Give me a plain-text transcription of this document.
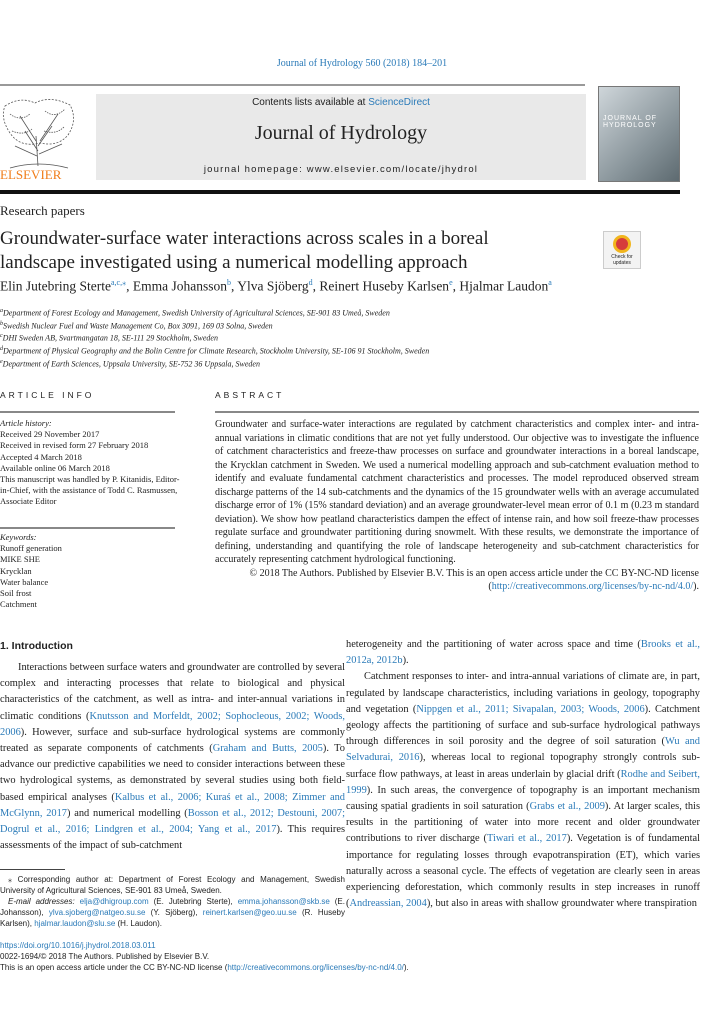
Journal of Hydrology 560 (2018) 184–201
ELSEVIER
Contents lists available at ScienceDirect
Journal of Hydrology
journal homepage: www.elsevier.com/locate/jhydrol
JOURNAL OF HYDROLOGY
Research papers
Groundwater-surface water interactions across scales in a boreal landscape investigated using a numerical modelling approach	Check for updates
Elin Jutebring Sterte$^{a,c,⁎}$, Emma Johansson$^b$, Ylva Sjöberg$^d$, Reinert Huseby Karlsen$^e$, Hjalmar Laudon$^a$
$^a$Department of Forest Ecology and Management, Swedish University of Agricultural Sciences, SE-901 83 Umeå, Sweden
$^b$Swedish Nuclear Fuel and Waste Management Co, Box 3091, 169 03 Solna, Sweden
$^c$DHI Sweden AB, Svartmangatan 18, SE-111 29 Stockholm, Sweden
$^d$Department of Physical Geography and the Bolin Centre for Climate Research, Stockholm University, SE-106 91 Stockholm, Sweden
$^e$Department of Earth Sciences, Uppsala University, SE-752 36 Uppsala, Sweden
ARTICLE INFO	ABSTRACT
Article history:
Received 29 November 2017
Received in revised form 27 February 2018
Accepted 4 March 2018
Available online 06 March 2018
This manuscript was handled by P. Kitanidis, Editor-in-Chief, with the assistance of Todd C. Rasmussen, Associate Editor
Keywords:
Runoff generation
MIKE SHE
Krycklan
Water balance
Soil frost
Catchment
Groundwater and surface-water interactions are regulated by catchment characteristics and complex inter- and intra-annual variations in climatic conditions that are not yet fully understood. Our objective was to investigate the influence of catchment characteristics and freeze-thaw processes on surface and groundwater interactions in a boreal landscape, the Krycklan catchment in Sweden. We used a numerical modelling approach and sub-catchment evaluation method to identify and evaluate fundamental catchment characteristics and processes. The model reproduced observed stream discharge patterns of the 14 sub-catchments and the dynamics of the 15 groundwater wells with an average accumulated discharge error of 1% (15% standard deviation) and an average groundwater-level mean error of 0.1 m (0.23 m standard deviation). We show how peatland characteristics dampen the effect of intense rain, and how soil freeze-thaw processes regulate surface and groundwater partitioning during snowmelt. With these results, we demonstrate the importance of defining, understanding and quantifying the role of landscape heterogeneity and sub-catchment characteristics for accurately representing catchment hydrological functioning.
© 2018 The Authors. Published by Elsevier B.V. This is an open access article under the CC BY-NC-ND license (http://creativecommons.org/licenses/by-nc-nd/4.0/).
1. Introduction

Interactions between surface waters and groundwater are controlled by several complex and interacting processes that relate to biological and physical characteristics of the catchment, as well as intra- and inter-annual variations in climatic conditions (Knutsson and Morfeldt, 2002; Sophocleous, 2002; Woods, 2006). However, surface and sub-surface hydrological systems are commonly treated as separate components of catchments (Graham and Butts, 2005). To advance our predictive capabilities we need to consider interactions between these two hydrological systems, as demonstrated by several studies using both field-based empirical analyses (Kalbus et al., 2006; Kuraś et al., 2008; Zimmer and McGlynn, 2017) and numerical modelling (Bosson et al., 2012; Destouni, 2007; Dogrul et al., 2016; Lindgren et al., 2004; Yang et al., 2017). This requires assessments of the impact of sub-catchment

heterogeneity and the partitioning of water across space and time (Brooks et al., 2012a, 2012b).

Catchment responses to inter- and intra-annual variations of climate are, in part, regulated by landscape characteristics, including variations in geology, topography and vegetation (Nippgen et al., 2011; Sivapalan, 2003; Woods, 2006). Catchment geology affects the partitioning of surface and sub-surface hydrological pathways through differences in soil porosity and the degree of soil saturation (Wu and Selvadurai, 2016), whereas local to regional topography strongly controls sub-surface flow pathways, at least in areas underlain by glacial drift (Rodhe and Seibert, 1999). In such areas, the convergence of topography is an important mechanism causing spatial gradients in soil saturation (Grabs et al., 2009). At larger scales, this results in the partitioning of water into more recent and older groundwater contributions to river discharge (Tiwari et al., 2017). Vegetation is of fundamental importance for regulating losses through evapotranspiration (ET), which varies naturally across a seasonal cycle. The effects of vegetation are clearly seen in areas experiencing deforestation, which commonly results in step increases in runoff (Andreassian, 2004), but also in areas with shallow groundwater where transpiration

⁎ Corresponding author at: Department of Forest Ecology and Management, Swedish University of Agricultural Sciences, SE-901 83 Umeå, Sweden.

E-mail addresses: elja@dhigroup.com (E. Jutebring Sterte), emma.johansson@skb.se (E. Johansson), ylva.sjoberg@natgeo.su.se (Y. Sjöberg), reinert.karlsen@geo.uu.se (R. Huseby Karlsen), hjalmar.laudon@slu.se (H. Laudon).

https://doi.org/10.1016/j.jhydrol.2018.03.011
0022-1694/© 2018 The Authors. Published by Elsevier B.V.
This is an open access article under the CC BY-NC-ND license (http://creativecommons.org/licenses/by-nc-nd/4.0/).
